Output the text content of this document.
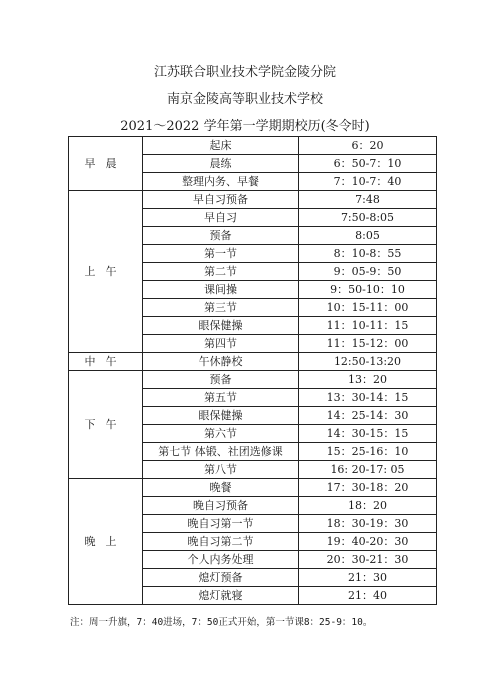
江苏联合职业技术学院金陵分院
南京金陵高等职业技术学校
2021～2022 学年第一学期期校历(冬令时)
早晨	起床	6：20
	晨练	6：50-7：10
	整理内务、早餐	7：10-7：40
上午	早自习预备	7:48
	早自习	7:50-8:05
	预备	8:05
	第一节	8：10-8：55
	第二节	9：05-9：50
	课间操	9：50-10：10
	第三节	10：15-11：00
	眼保健操	11：10-11：15
	第四节	11：15-12：00
中午	午休静校	12:50-13:20
下午	预备	13：20
	第五节	13：30-14：15
	眼保健操	14：25-14：30
	第六节	14：30-15：15
	第七节 体锻、社团选修课	15：25-16：10
	第八节	16: 20-17: 05
晚上	晚餐	17：30-18：20
	晚自习预备	18：20
	晚自习第一节	18：30-19：30
	晚自习第二节	19：40-20：30
	个人内务处理	20：30-21：30
	熄灯预备	21：30
	熄灯就寝	21：40
注：周一升旗，7：40进场，7：50正式开始，第一节课8：25-9：10。
